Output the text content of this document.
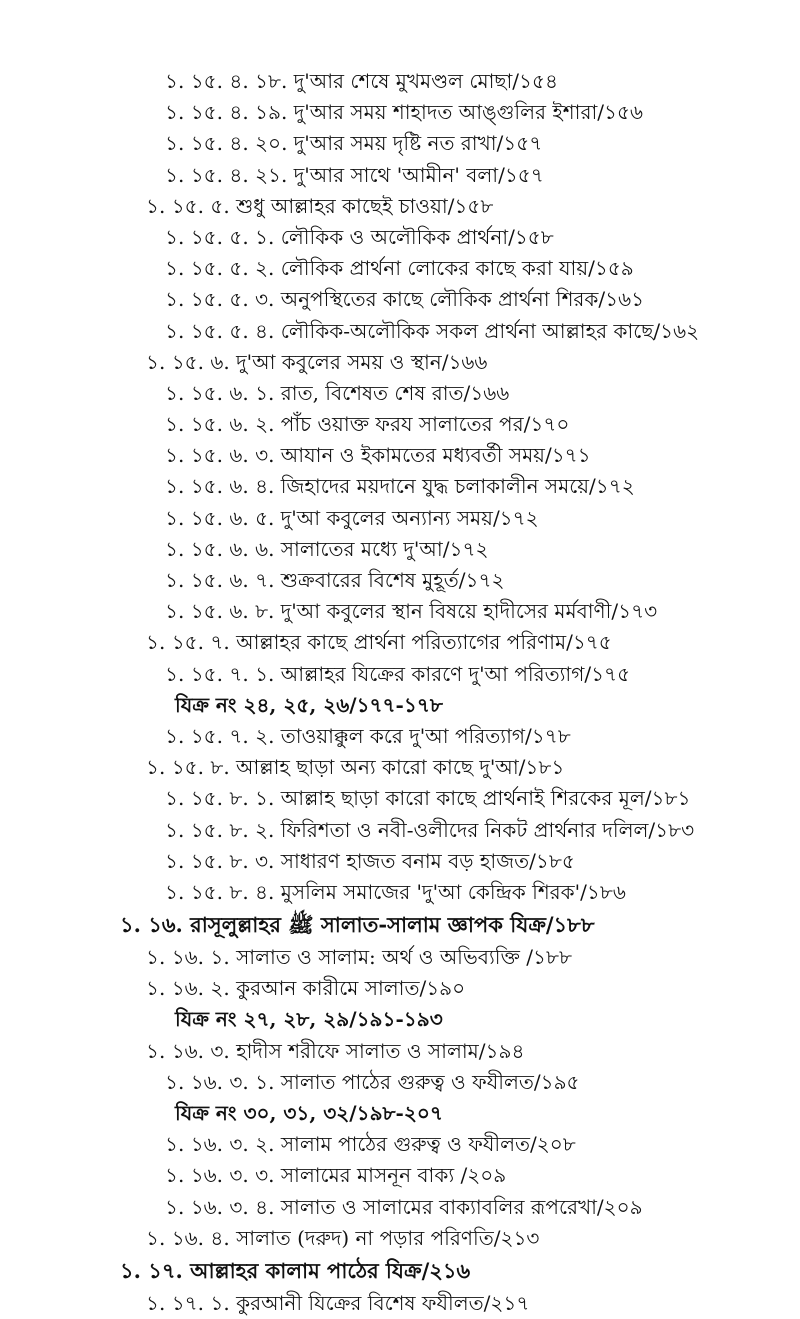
১. ১৫. ৪. ১৮. দু'আর শেষে মুখমণ্ডল মোছা/১৫৪
১. ১৫. ৪. ১৯. দু'আর সময় শাহাদত আঙ্গুলির ইশারা/১৫৬
১. ১৫. ৪. ২০. দু'আর সময় দৃষ্টি নত রাখা/১৫৭
১. ১৫. ৪. ২১. দু'আর সাথে 'আমীন' বলা/১৫৭
১. ১৫. ৫. শুধু আল্লাহর কাছেই চাওয়া/১৫৮
১. ১৫. ৫. ১. লৌকিক ও অলৌকিক প্রার্থনা/১৫৮
১. ১৫. ৫. ২. লৌকিক প্রার্থনা লোকের কাছে করা যায়/১৫৯
১. ১৫. ৫. ৩. অনুপস্থিতের কাছে লৌকিক প্রার্থনা শিরক/১৬১
১. ১৫. ৫. ৪. লৌকিক-অলৌকিক সকল প্রার্থনা আল্লাহর কাছে/১৬২
১. ১৫. ৬. দু'আ কবুলের সময় ও স্থান/১৬৬
১. ১৫. ৬. ১. রাত, বিশেষত শেষ রাত/১৬৬
১. ১৫. ৬. ২. পাঁচ ওয়াক্ত ফরয সালাতের পর/১৭০
১. ১৫. ৬. ৩. আযান ও ইকামতের মধ্যবর্তী সময়/১৭১
১. ১৫. ৬. ৪. জিহাদের ময়দানে যুদ্ধ চলাকালীন সময়ে/১৭২
১. ১৫. ৬. ৫. দু'আ কবুলের অন্যান্য সময়/১৭২
১. ১৫. ৬. ৬. সালাতের মধ্যে দু'আ/১৭২
১. ১৫. ৬. ৭. শুক্রবারের বিশেষ মুহূর্ত/১৭২
১. ১৫. ৬. ৮. দু'আ কবুলের স্থান বিষয়ে হাদীসের মর্মবাণী/১৭৩
১. ১৫. ৭. আল্লাহর কাছে প্রার্থনা পরিত্যাগের পরিণাম/১৭৫
১. ১৫. ৭. ১. আল্লাহর যিক্রের কারণে দু'আ পরিত্যাগ/১৭৫
যিক্র নং ২৪, ২৫, ২৬/১৭৭-১৭৮
১. ১৫. ৭. ২. তাওয়াক্কুল করে দু'আ পরিত্যাগ/১৭৮
১. ১৫. ৮. আল্লাহ ছাড়া অন্য কারো কাছে দু'আ/১৮১
১. ১৫. ৮. ১. আল্লাহ ছাড়া কারো কাছে প্রার্থনাই শিরকের মূল/১৮১
১. ১৫. ৮. ২. ফিরিশতা ও নবী-ওলীদের নিকট প্রার্থনার দলিল/১৮৩
১. ১৫. ৮. ৩. সাধারণ হাজত বনাম বড় হাজত/১৮৫
১. ১৫. ৮. ৪. মুসলিম সমাজের 'দু'আ কেন্দ্রিক শিরক'/১৮৬
১. ১৬. রাসূলুল্লাহর ﷺ সালাত-সালাম জ্ঞাপক যিক্র/১৮৮
১. ১৬. ১. সালাত ও সালাম: অর্থ ও অভিব্যক্তি /১৮৮
১. ১৬. ২. কুরআন কারীমে সালাত/১৯০
যিক্র নং ২৭, ২৮, ২৯/১৯১-১৯৩
১. ১৬. ৩. হাদীস শরীফে সালাত ও সালাম/১৯৪
১. ১৬. ৩. ১. সালাত পাঠের গুরুত্ব ও ফযীলত/১৯৫
যিক্র নং ৩০, ৩১, ৩২/১৯৮-২০৭
১. ১৬. ৩. ২. সালাম পাঠের গুরুত্ব ও ফযীলত/২০৮
১. ১৬. ৩. ৩. সালামের মাসনূন বাক্য /২০৯
১. ১৬. ৩. ৪. সালাত ও সালামের বাক্যাবলির রূপরেখা/২০৯
১. ১৬. ৪. সালাত (দরুদ) না পড়ার পরিণতি/২১৩
১. ১৭. আল্লাহর কালাম পাঠের যিক্র/২১৬
১. ১৭. ১. কুরআনী যিক্রের বিশেষ ফযীলত/২১৭
